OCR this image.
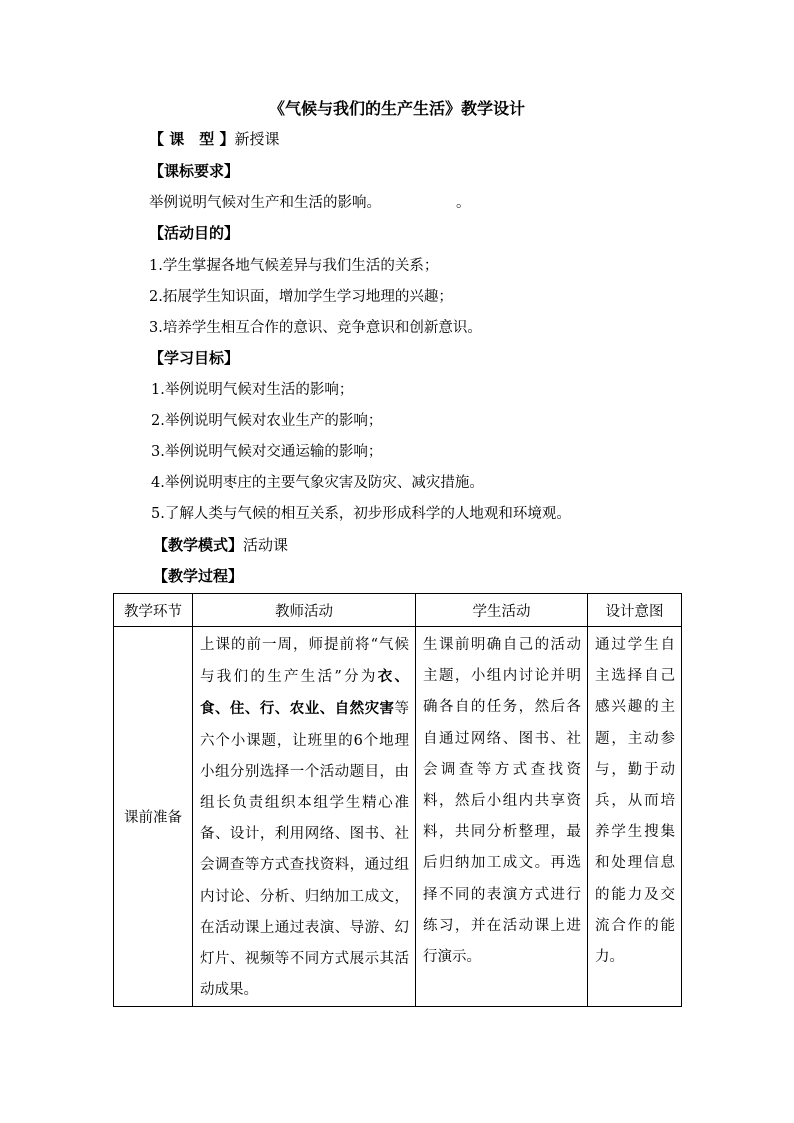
《气候与我们的生产生活》教学设计
【 课　型 】新授课
【课标要求】
举例说明气候对生产和生活的影响。	。
【活动目的】
1.学生掌握各地气候差异与我们生活的关系；
2.拓展学生知识面，增加学生学习地理的兴趣；
3.培养学生相互合作的意识、竞争意识和创新意识。
【学习目标】
1.举例说明气候对生活的影响；
2.举例说明气候对农业生产的影响；
3.举例说明气候对交通运输的影响；
4.举例说明枣庄的主要气象灾害及防灾、减灾措施。
5.了解人类与气候的相互关系，初步形成科学的人地观和环境观。
【教学模式】活动课
【教学过程】
教学环节	教师活动	学生活动	设计意图
课前准备	上课的前一周，师提前将“气候与我们的生产生活”分为衣、食、住、行、农业、自然灾害等六个小课题，让班里的6个地理小组分别选择一个活动题目，由组长负责组织本组学生精心准备、设计，利用网络、图书、社会调查等方式查找资料，通过组内讨论、分析、归纳加工成文，在活动课上通过表演、导游、幻灯片、视频等不同方式展示其活动成果。	生课前明确自己的活动主题，小组内讨论并明确各自的任务，然后各自通过网络、图书、社会调查等方式查找资料，然后小组内共享资料，共同分析整理，最后归纳加工成文。再选择不同的表演方式进行练习，并在活动课上进行演示。	通过学生自主选择自己感兴趣的主题，主动参与，勤于动兵，从而培养学生搜集和处理信息的能力及交流合作的能力。
